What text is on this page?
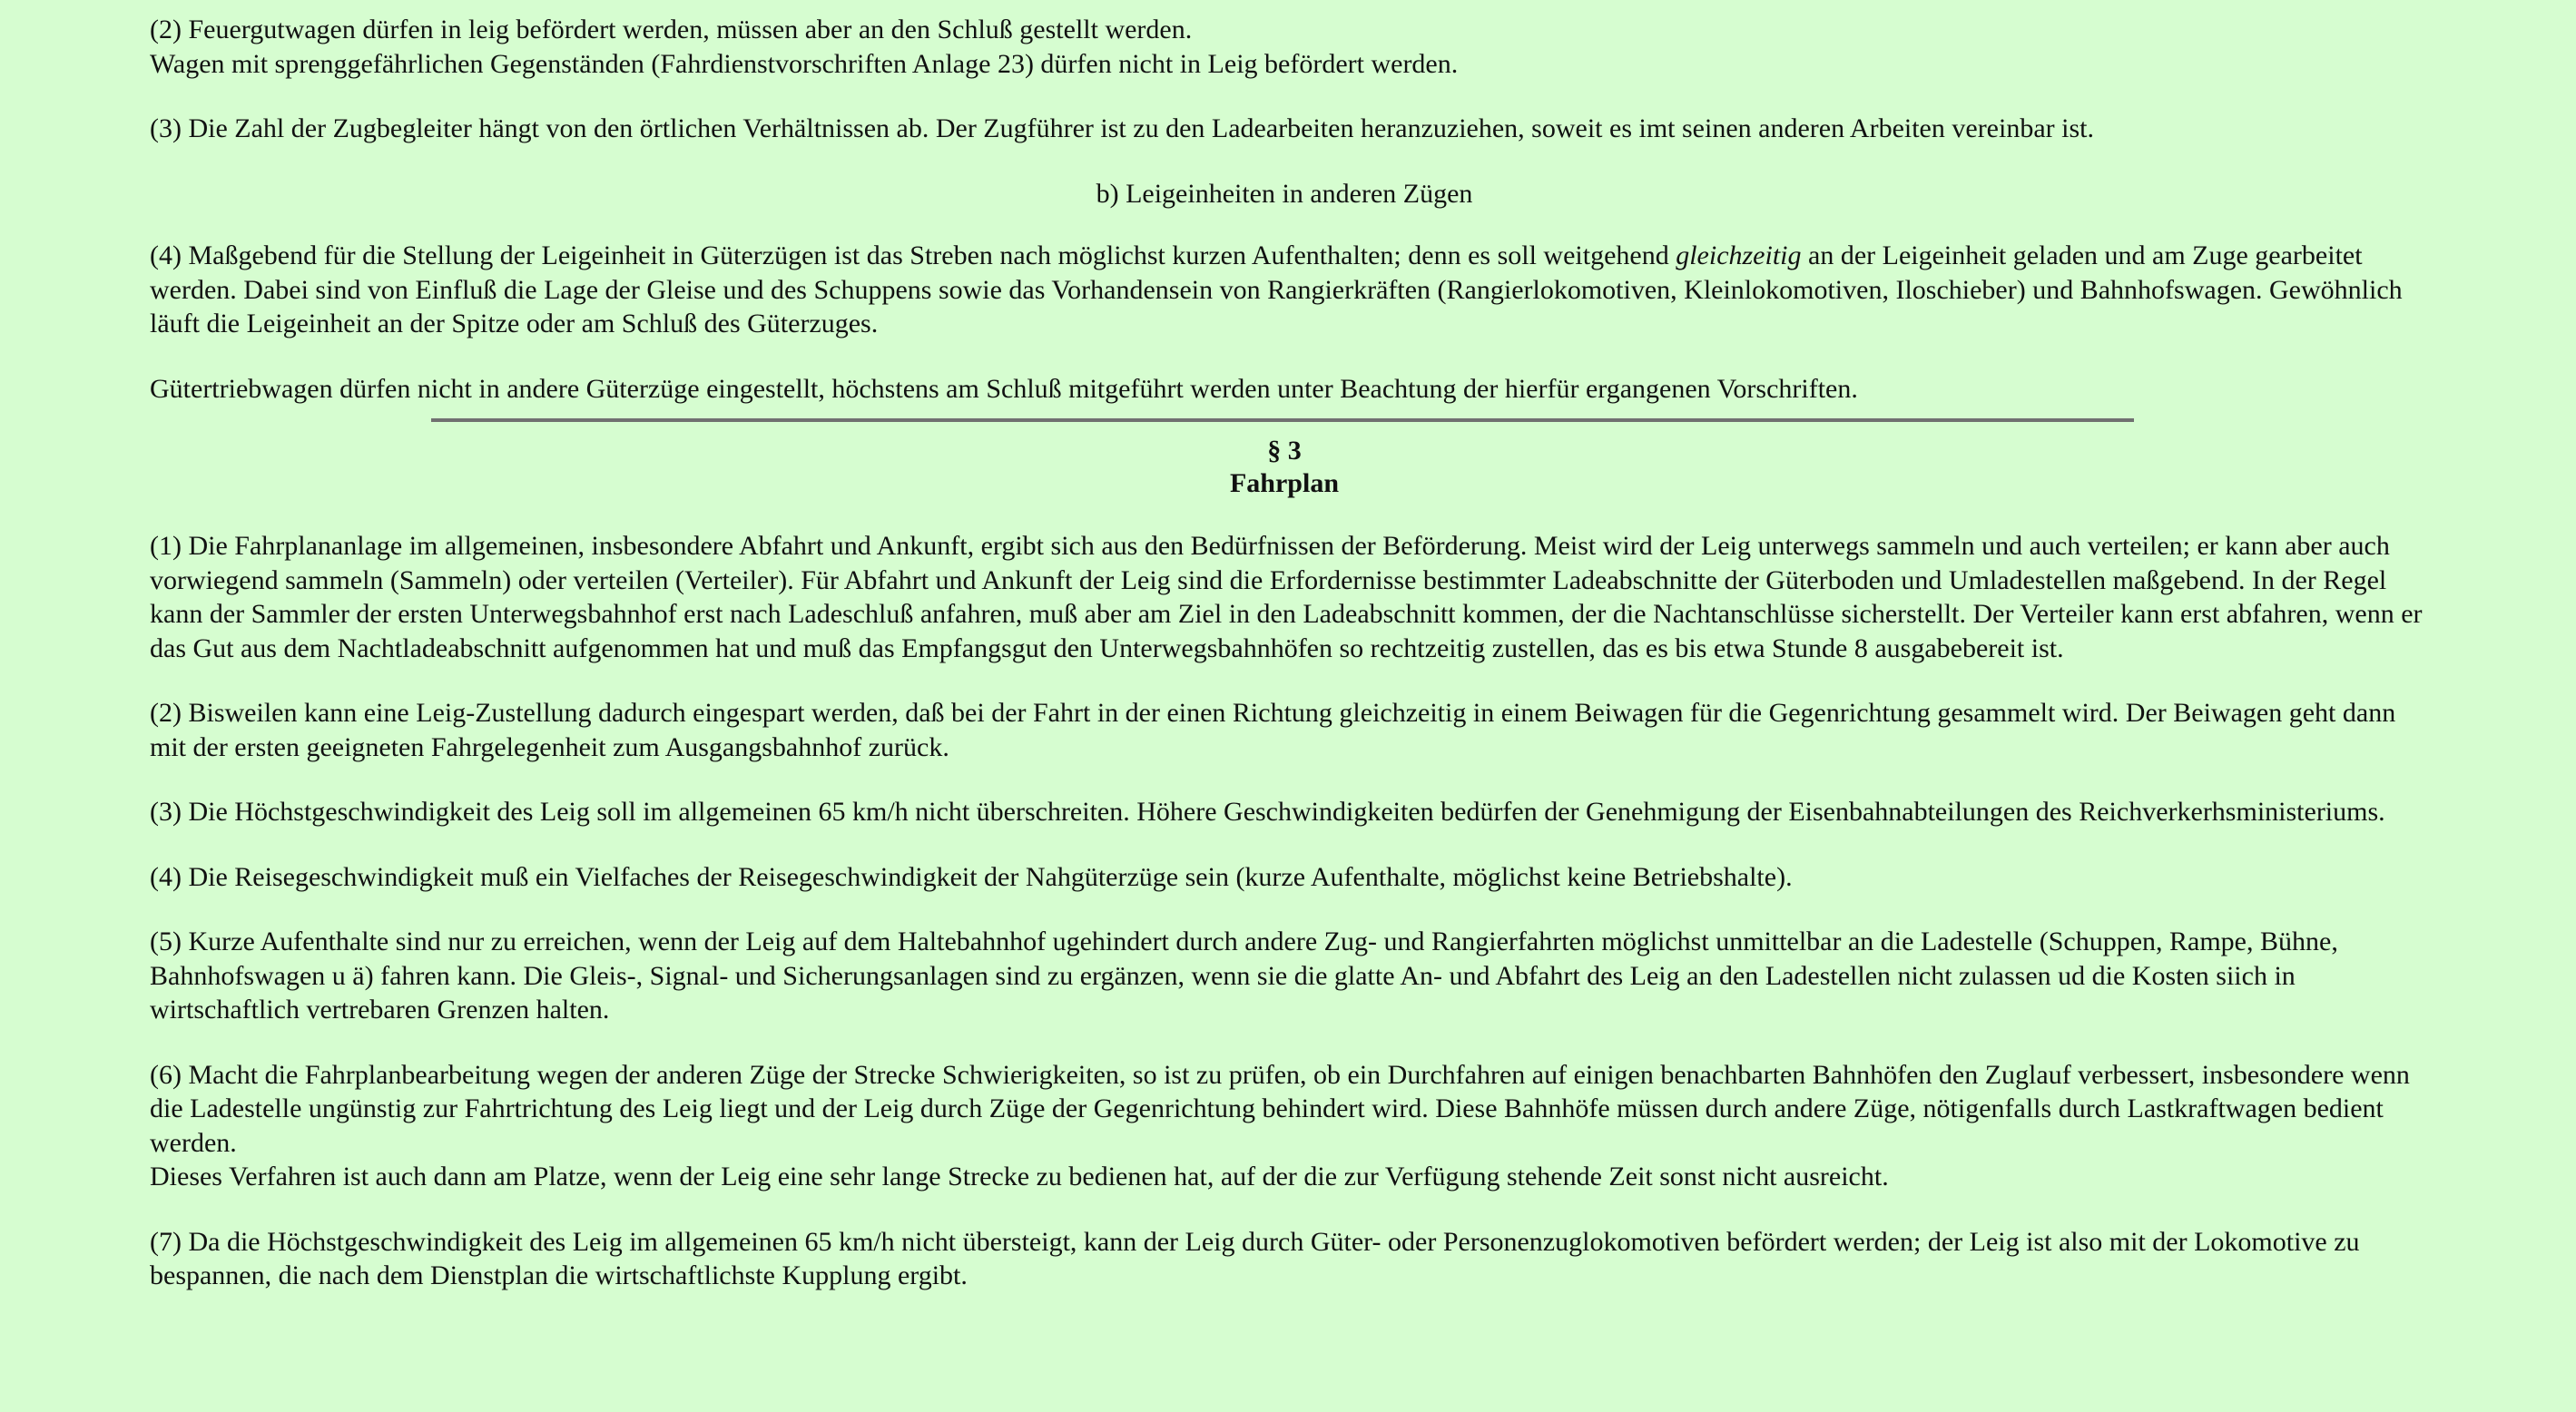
(2) Feuergutwagen dürfen in leig befördert werden, müssen aber an den Schluß gestellt werden.
Wagen mit sprenggefährlichen Gegenständen (Fahrdienstvorschriften Anlage 23) dürfen nicht in Leig befördert werden.

(3) Die Zahl der Zugbegleiter hängt von den örtlichen Verhältnissen ab. Der Zugführer ist zu den Ladearbeiten heranzuziehen, soweit es imt seinen anderen Arbeiten vereinbar ist.

b) Leigeinheiten in anderen Zügen

(4) Maßgebend für die Stellung der Leigeinheit in Güterzügen ist das Streben nach möglichst kurzen Aufenthalten; denn es soll weitgehend gleichzeitig an der Leigeinheit geladen und am Zuge gearbeitet werden. Dabei sind von Einfluß die Lage der Gleise und des Schuppens sowie das Vorhandensein von Rangierkräften (Rangierlokomotiven, Kleinlokomotiven, Iloschieber) und Bahnhofswagen. Gewöhnlich läuft die Leigeinheit an der Spitze oder am Schluß des Güterzuges.

Gütertriebwagen dürfen nicht in andere Güterzüge eingestellt, höchstens am Schluß mitgeführt werden unter Beachtung der hierfür ergangenen Vorschriften.

§ 3
Fahrplan

(1) Die Fahrplananlage im allgemeinen, insbesondere Abfahrt und Ankunft, ergibt sich aus den Bedürfnissen der Beförderung. Meist wird der Leig unterwegs sammeln und auch verteilen; er kann aber auch vorwiegend sammeln (Sammeln) oder verteilen (Verteiler). Für Abfahrt und Ankunft der Leig sind die Erfordernisse bestimmter Ladeabschnitte der Güterboden und Umladestellen maßgebend. In der Regel kann der Sammler der ersten Unterwegsbahnhof erst nach Ladeschluß anfahren, muß aber am Ziel in den Ladeabschnitt kommen, der die Nachtanschlüsse sicherstellt. Der Verteiler kann erst abfahren, wenn er das Gut aus dem Nachtladeabschnitt aufgenommen hat und muß das Empfangsgut den Unterwegsbahnhöfen so rechtzeitig zustellen, das es bis etwa Stunde 8 ausgabebereit ist.

(2) Bisweilen kann eine Leig-Zustellung dadurch eingespart werden, daß bei der Fahrt in der einen Richtung gleichzeitig in einem Beiwagen für die Gegenrichtung gesammelt wird. Der Beiwagen geht dann mit der ersten geeigneten Fahrgelegenheit zum Ausgangsbahnhof zurück.

(3) Die Höchstgeschwindigkeit des Leig soll im allgemeinen 65 km/h nicht überschreiten. Höhere Geschwindigkeiten bedürfen der Genehmigung der Eisenbahnabteilungen des Reichverkerhsministeriums.

(4) Die Reisegeschwindigkeit muß ein Vielfaches der Reisegeschwindigkeit der Nahgüterzüge sein (kurze Aufenthalte, möglichst keine Betriebshalte).

(5) Kurze Aufenthalte sind nur zu erreichen, wenn der Leig auf dem Haltebahnhof ugehindert durch andere Zug- und Rangierfahrten möglichst unmittelbar an die Ladestelle (Schuppen, Rampe, Bühne, Bahnhofswagen u ä) fahren kann. Die Gleis-, Signal- und Sicherungsanlagen sind zu ergänzen, wenn sie die glatte An- und Abfahrt des Leig an den Ladestellen nicht zulassen ud die Kosten siich in wirtschaftlich vertrebaren Grenzen halten.

(6) Macht die Fahrplanbearbeitung wegen der anderen Züge der Strecke Schwierigkeiten, so ist zu prüfen, ob ein Durchfahren auf einigen benachbarten Bahnhöfen den Zuglauf verbessert, insbesondere wenn die Ladestelle ungünstig zur Fahrtrichtung des Leig liegt und der Leig durch Züge der Gegenrichtung behindert wird. Diese Bahnhöfe müssen durch andere Züge, nötigenfalls durch Lastkraftwagen bedient werden.
Dieses Verfahren ist auch dann am Platze, wenn der Leig eine sehr lange Strecke zu bedienen hat, auf der die zur Verfügung stehende Zeit sonst nicht ausreicht.

(7) Da die Höchstgeschwindigkeit des Leig im allgemeinen 65 km/h nicht übersteigt, kann der Leig durch Güter- oder Personenzuglokomotiven befördert werden; der Leig ist also mit der Lokomotive zu bespannen, die nach dem Dienstplan die wirtschaftlichste Kupplung ergibt.
